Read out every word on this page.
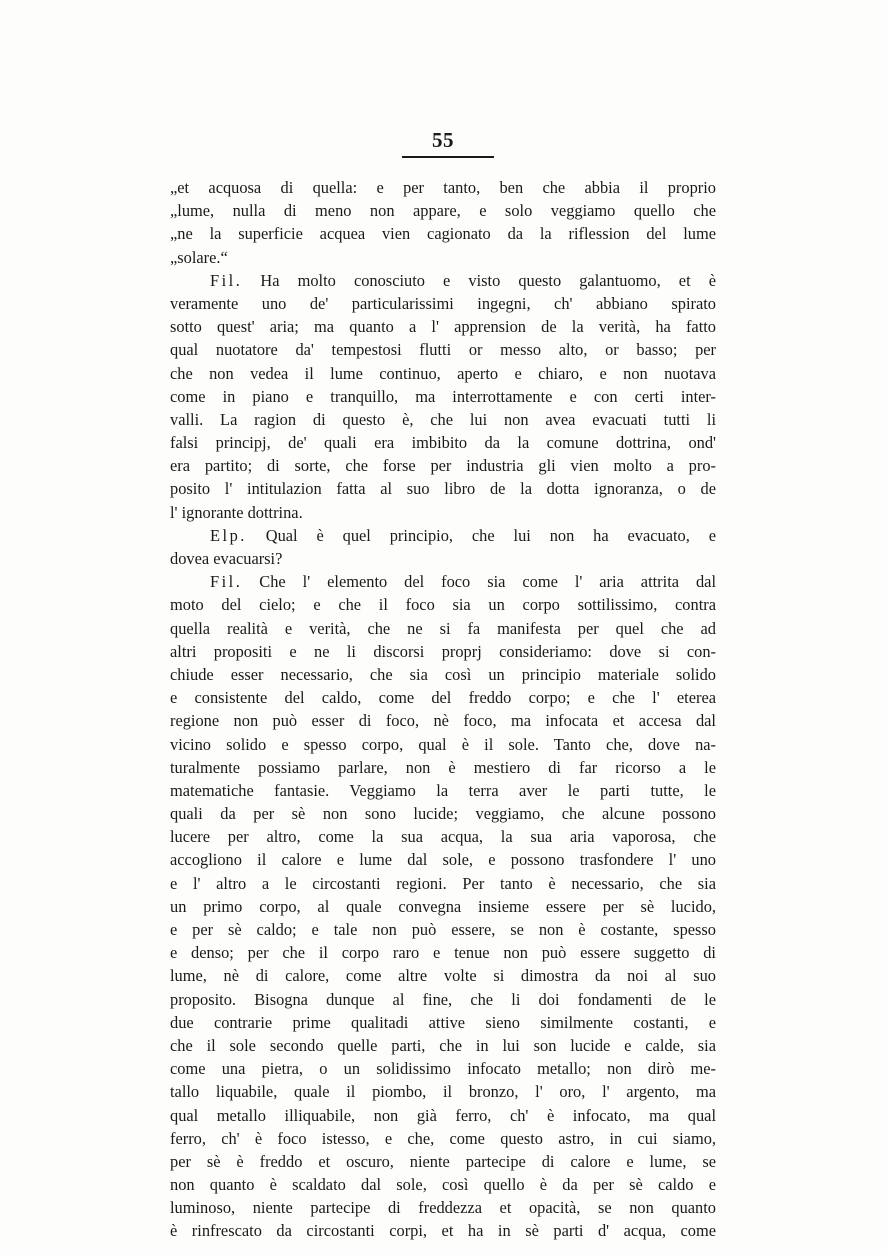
55
„et acquosa di quella: e per tanto, ben che abbia il proprio
„lume, nulla di meno non appare, e solo veggiamo quello che
„ne la superficie acquea vien cagionato da la riflession del lume
„solare.“
Fil. Ha molto conosciuto e visto questo galantuomo, et è
veramente uno de' particularissimi ingegni, ch' abbiano spirato
sotto quest' aria; ma quanto a l' apprension de la verità, ha fatto
qual nuotatore da' tempestosi flutti or messo alto, or basso; per
che non vedea il lume continuo, aperto e chiaro, e non nuotava
come in piano e tranquillo, ma interrottamente e con certi inter-
valli. La ragion di questo è, che lui non avea evacuati tutti li
falsi principj, de' quali era imbibito da la comune dottrina, ond'
era partito; di sorte, che forse per industria gli vien molto a pro-
posito l' intitulazion fatta al suo libro de la dotta ignoranza, o de
l' ignorante dottrina.
Elp. Qual è quel principio, che lui non ha evacuato, e
dovea evacuarsi?
Fil. Che l' elemento del foco sia come l' aria attrita dal
moto del cielo; e che il foco sia un corpo sottilissimo, contra
quella realità e verità, che ne si fa manifesta per quel che ad
altri propositi e ne li discorsi proprj consideriamo: dove si con-
chiude esser necessario, che sia così un principio materiale solido
e consistente del caldo, come del freddo corpo; e che l' eterea
regione non può esser di foco, nè foco, ma infocata et accesa dal
vicino solido e spesso corpo, qual è il sole. Tanto che, dove na-
turalmente possiamo parlare, non è mestiero di far ricorso a le
matematiche fantasie. Veggiamo la terra aver le parti tutte, le
quali da per sè non sono lucide; veggiamo, che alcune possono
lucere per altro, come la sua acqua, la sua aria vaporosa, che
accogliono il calore e lume dal sole, e possono trasfondere l' uno
e l' altro a le circostanti regioni. Per tanto è necessario, che sia
un primo corpo, al quale convegna insieme essere per sè lucido,
e per sè caldo; e tale non può essere, se non è costante, spesso
e denso; per che il corpo raro e tenue non può essere suggetto di
lume, nè di calore, come altre volte si dimostra da noi al suo
proposito. Bisogna dunque al fine, che li doi fondamenti de le
due contrarie prime qualitadi attive sieno similmente costanti, e
che il sole secondo quelle parti, che in lui son lucide e calde, sia
come una pietra, o un solidissimo infocato metallo; non dirò me-
tallo liquabile, quale il piombo, il bronzo, l' oro, l' argento, ma
qual metallo illiquabile, non già ferro, ch' è infocato, ma qual
ferro, ch' è foco istesso, e che, come questo astro, in cui siamo,
per sè è freddo et oscuro, niente partecipe di calore e lume, se
non quanto è scaldato dal sole, così quello è da per sè caldo e
luminoso, niente partecipe di freddezza et opacità, se non quanto
è rinfrescato da circostanti corpi, et ha in sè parti d' acqua, come
